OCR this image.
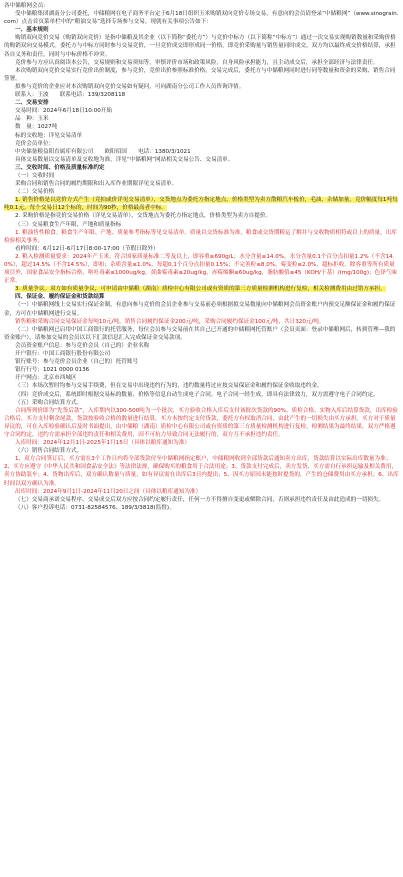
各中储粮网会员：

受中储粮集团湖南分公司委托，中储粮网在电子商务平台定于6月18日组织玉米购销双向竞价专场交易，有意向的会员请登录“中储粮网”（www.sinograin.com）点击首页菜单栏中的“粮油交易”选择专场参与交易。现就有关事项公告如下：

一、基本规则

购销双向竞价交易（购销双向竞价）是指中储粮及其企业（以下简称“委托方”）与竞价中标方（以下简称“中标方”）通过一次交易实现购销数量和采购价格的购销双向交易模式。委托方与中标方同时参与交易竞价，一旦竞价成交即形成同一价格，即竞价采购量与销售量同时成交，双方均以最终成交价格结算，承担各自义务和责任，同时与中标价格不冲突。

竞价参与方应认真阅读本公告，交易规则和交易须知等，审慎评价市场和政策风险，自身风险承担能力，且主动成交后，承担全部经济与法律责任。

本次购销双向竞价交易实行竞价出价制度，参与竞价，竞价出价参照标准价格，交易完成后，委托方与中储粮网同时进行同等数量和资金的采购、销售合同签署。

拟参与竞价的企业应对本次购销双向竞价交易如有疑问，可向湖南分公司工作人员咨询详情。

联系人：王波　　联系电话：139/3208118

二、交易安排

交易时间：2024年6月18日10:00开始

品　种：玉米

数　量：1027吨

标的交收地：详见交易清单

竞价会员单位：

中央储备粮益阳直属库有限公司　　欧阳绍国　　电话：1380/3/1021

具体交易数量以交易清单及交收地为准，详见“中储粮网”网站相关交易公告、交易清单。

三、交收时间、价格及质量标准约定

（一）交收时间

采购合同和销售合同的履约期限和出入库作业期限详见交易清单。

（二）交易价格

1. 销售价格是以竞价方式产生（竞拍或价详见交易清单），交货地点为委托方指定地点，价格类型为卖方散粮汽车板价，毛油、杂储加量，竞价幅度每1吨每吨0.1元，每个交易日12个标的，时间为90秒，价格最高者中标。

2. 采购价格是指竞价交易价格（详见交易清单），交货地点为委托方指定地点，价格类型为卖方自提价。

（三）交易粮食生产年限、产地和质量指标

1. 粮油售性粮食。粮食生产年限、产地、质量参考指标等见交易清单。质量以交货标准为准，粮食或交货期粮运了解并与交收物质相符或以上的质量，出库检验相关事务。

看样时间：6月12日-6月17日8:00-17:00（节假日除外）

2. 粮入检测质量要求：2024年产玉米，符合国家质量标准二等及以上，即容重≥690g/L；水分含量≤14.0%，水分含量0.1个百分点扣量1.2%（不含14.0%），超过14.5%（不含14.5%），即扣；杂质含量≤1.0%，每超0.1个百分点扣量0.15%；不完善粒≤8.0%，霉变粒≤2.0%，超标拒收。除容重等所有质量项目外，国家食品安全指标合格，呕吐毒素≤1000ug/kg，黄曲霉毒素≤20ug/kg，赤霉烯酮≤60ug/kg，脂肪酸值≤45（KOH/干基）/(mg/100g)；色泽气味正常。

3. 质量争议。双方如有质量争议，可申请由中储粮（湖南）质检中心有限公司或有资质的第三方质量检测机构进行复检，相关检测费用由过错方承担。

四、保证金、履约保证金和货款结算

（一）中储粮网线上交易实行保证金制，有意向参与竞价的会员企业参与交易前必须根据拟交易数量向中储粮网会员资金账户内预交足额保证金和履约保证金，方可在中储粮网进行交易。

销售粮和采购合同交易保证金每吨10元/吨，销售合同履约保证金200元/吨，采购合同履约保证金100元/吨，共计320元/吨。

（二）中储粮网已启用中国工商银行的托管服务，每位会员参与交易前在其自己已开通的中储粮网托管账户（会员页面：登录中储粮网后，转到管理—我的资金账户），请参加交易的会员以以下汇款信息汇入完成保证金交易款项。

会员资金账户信息：参与竞价会员（自己的）企业名称

开户银行：中国工商银行股份有限公司

银行账号：参与竞价会员企业（自己的）托管账号

银行行号：1021 0000 0136

开户网点：北京市西城区

（三）本场次暂时均参与交易手续费，但在交易中出现违约行为的，违约数量将过应按交易保证金和履约保证金收取违约金。

（四）竞价成交后，系统即时根据交易标的数量、价格等信息自动生成电子合同。电子合同一经生成，即具有法律效力，双方需遵守电子合同约定。

（五）采购合同结算方式。

合同所列价即为“先货后款”，入库期内以300-500吨为一个批次，买方验收合格入库后支付该批次货款的90%，质检合格、实物入库后结算货款，出库检验合格后，买方支付剩余尾款，货款按验收合格的数量进行结算，买方未按约定支付货款，委托方有权取消合同，由此产生的一切损失由买方承担。买方对于质量异议的，可在入库检验确认后及时书面提出，由中储粮（湖南）质检中心有限公司或有资质的第三方质量检测机构进行复检，检测结果为最终结果。双方严格遵守合同约定，违约方需承担全部违约责任和相关费用，因不可抗力导致合同无法履行的，双方互不承担违约责任。

入库时间：2024年12月1日-2025年1月15日（具体以粮库通知为准）

（六）销售合同结算方式。

1、双方合同签订后，买方需在3个工作日内将全部货款付至中储粮网指定账户，中储粮网收到全部货款后通知卖方出库，货款结算以实际出库数量为准；2、买方应遵守《中华人民共和国食品安全法》等法律法规，确保购买的粮食用于合法用途；3、货款支付完成后，卖方发货，买方需自行承担运输及相关费用，卖方协助装车；4、货物出库后，双方确认数量与质量，如有异议需在出库后3日内提出；5、因买方原因未能按时提货的，产生的仓储费用由买方承担；6、出库时间以双方确认为准。

出库时间：2024年9月1日-2024年11月20日之间（具体以粮库通知为准）

（七）交易商承诺交易程序，交易成交后双方应按合同约定履行责任，任何一方不得擅自变更或解除合同，否则承担违约责任及由此造成的一切损失。

（八）客户投诉电话：0731-82584576、189/3/3818(监督)。
